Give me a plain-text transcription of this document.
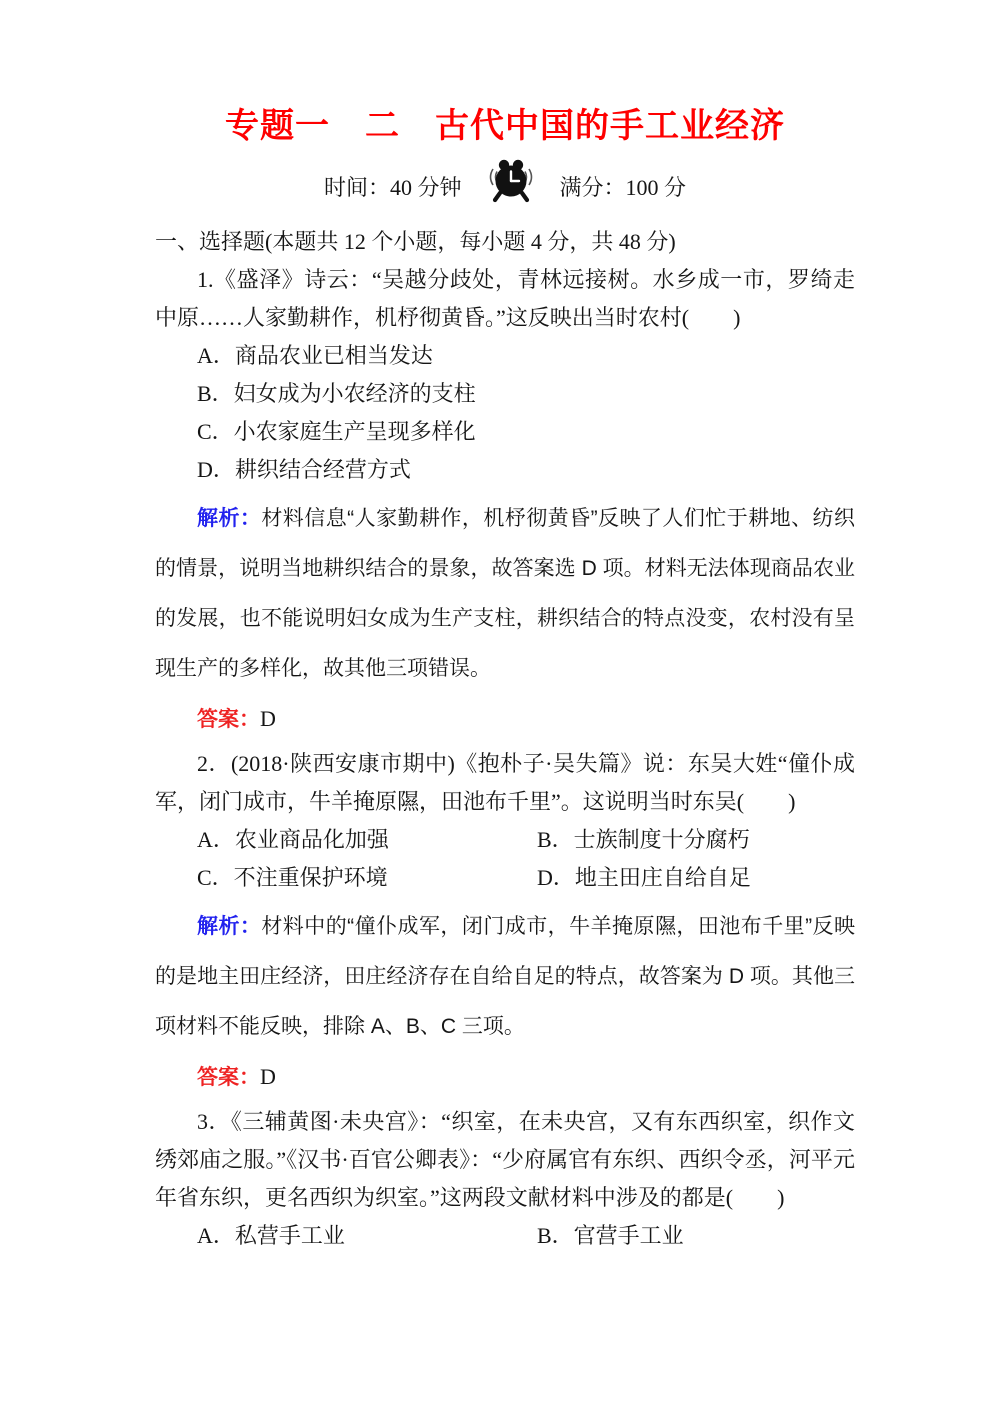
专题一　二　古代中国的手工业经济
时间：40 分钟	满分：100 分
一、选择题(本题共 12 个小题，每小题 4 分，共 48 分)

1.《盛泽》诗云：“吴越分歧处，青林远接树。水乡成一市，罗绮走中原……人家勤耕作，机杼彻黄昏。”这反映出当时农村(　　)

A．商品农业已相当发达
B．妇女成为小农经济的支柱
C．小农家庭生产呈现多样化
D．耕织结合经营方式

解析：材料信息“人家勤耕作，机杼彻黄昏”反映了人们忙于耕地、纺织的情景，说明当地耕织结合的景象，故答案选 D 项。材料无法体现商品农业的发展，也不能说明妇女成为生产支柱，耕织结合的特点没变，农村没有呈现生产的多样化，故其他三项错误。

答案：D

2．(2018·陕西安康市期中)《抱朴子·吴失篇》说：东吴大姓“僮仆成军，闭门成市，牛羊掩原隰，田池布千里”。这说明当时东吴(　　)

A．农业商品化加强	B．士族制度十分腐朽
C．不注重保护环境	D．地主田庄自给自足

解析：材料中的“僮仆成军，闭门成市，牛羊掩原隰，田池布千里”反映的是地主田庄经济，田庄经济存在自给自足的特点，故答案为 D 项。其他三项材料不能反映，排除 A、B、C 三项。

答案：D

3．《三辅黄图·未央宫》：“织室，在未央宫，又有东西织室，织作文绣郊庙之服。”《汉书·百官公卿表》：“少府属官有东织、西织令丞，河平元年省东织，更名西织为织室。”这两段文献材料中涉及的都是(　　)

A．私营手工业	B．官营手工业
